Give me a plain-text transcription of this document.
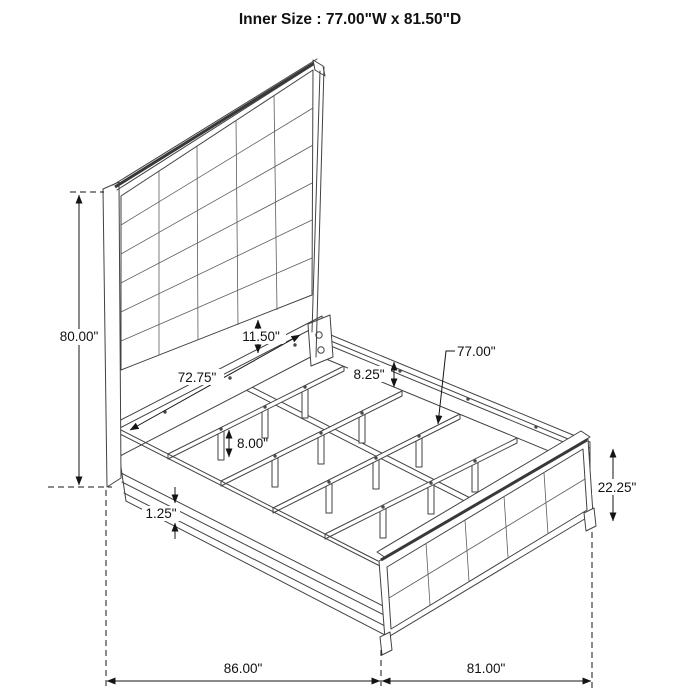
80.00"	11.50"
72.75"	8.25"
77.00"
8.00"
1.25"
22.25"
86.00"	81.00"
Inner Size : 77.00"W x 81.50"D
